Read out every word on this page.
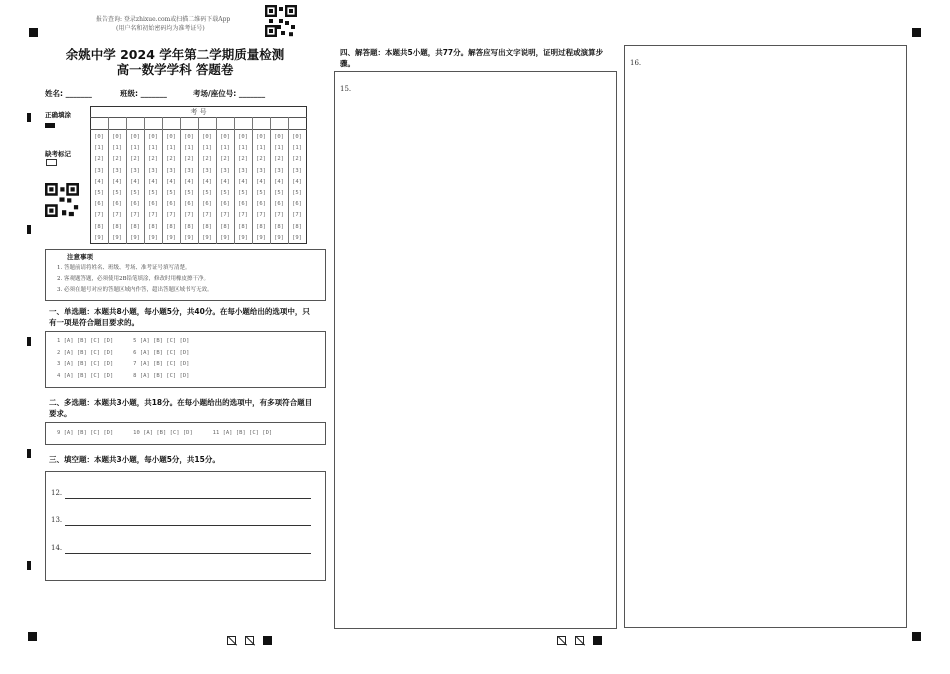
报告查询: 登录zhixue.com或扫描二维码下载App
(用户名和初始密码均为准考证号)
余姚中学 2024 学年第二学期质量检测
高一数学学科 答题卷
姓名: _______	班级: _______	考场/座位号: _______
正确填涂
缺考标记
考 号
[0]
[1]
[2]
[3]
[4]
[5]
[6]
[7]
[8]
[9]
[0]
[1]
[2]
[3]
[4]
[5]
[6]
[7]
[8]
[9]
[0]
[1]
[2]
[3]
[4]
[5]
[6]
[7]
[8]
[9]
[0]
[1]
[2]
[3]
[4]
[5]
[6]
[7]
[8]
[9]
[0]
[1]
[2]
[3]
[4]
[5]
[6]
[7]
[8]
[9]
[0]
[1]
[2]
[3]
[4]
[5]
[6]
[7]
[8]
[9]
[0]
[1]
[2]
[3]
[4]
[5]
[6]
[7]
[8]
[9]
[0]
[1]
[2]
[3]
[4]
[5]
[6]
[7]
[8]
[9]
[0]
[1]
[2]
[3]
[4]
[5]
[6]
[7]
[8]
[9]
[0]
[1]
[2]
[3]
[4]
[5]
[6]
[7]
[8]
[9]
[0]
[1]
[2]
[3]
[4]
[5]
[6]
[7]
[8]
[9]
[0]
[1]
[2]
[3]
[4]
[5]
[6]
[7]
[8]
[9]
注意事项
1. 答题前请将姓名、班级、考场、准考证号填写清楚。
2. 客观题答题，必须使用2B铅笔填涂，修改时用橡皮擦干净。
3. 必须在题号对应的答题区域内作答，超出答题区域书写无效。
一、单选题：本题共8小题，每小题5分，共40分。在每小题给出的选项中，只有一项是符合题目要求的。
1 [A] [B] [C] [D]      5 [A] [B] [C] [D]
2 [A] [B] [C] [D]      6 [A] [B] [C] [D]
3 [A] [B] [C] [D]      7 [A] [B] [C] [D]
4 [A] [B] [C] [D]      8 [A] [B] [C] [D]
二、多选题：本题共3小题，共18分。在每小题给出的选项中，有多项符合题目要求。
9 [A] [B] [C] [D]      10 [A] [B] [C] [D]      11 [A] [B] [C] [D]
三、填空题：本题共3小题，每小题5分，共15分。
12.
13.
14.
四、解答题：本题共5小题，共77分。解答应写出文字说明，证明过程或演算步骤。
15.
16.
